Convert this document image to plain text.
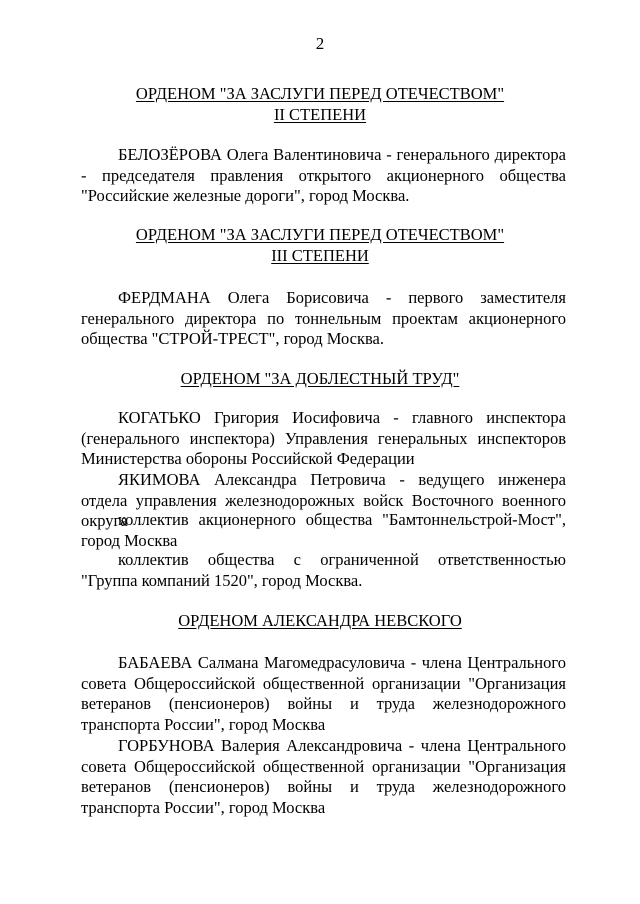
2
ОРДЕНОМ "ЗА ЗАСЛУГИ ПЕРЕД ОТЕЧЕСТВОМ"
II СТЕПЕНИ
БЕЛОЗЁРОВА Олега Валентиновича - генерального директора - председателя правления открытого акционерного общества "Российские железные дороги", город Москва.
ОРДЕНОМ "ЗА ЗАСЛУГИ ПЕРЕД ОТЕЧЕСТВОМ"
III СТЕПЕНИ
ФЕРДМАНА Олега Борисовича - первого заместителя генерального директора по тоннельным проектам акционерного общества "СТРОЙ-ТРЕСТ", город Москва.
ОРДЕНОМ "ЗА ДОБЛЕСТНЫЙ ТРУД"
КОГАТЬКО Григория Иосифовича - главного инспектора (генерального инспектора) Управления генеральных инспекторов Министерства обороны Российской Федерации
ЯКИМОВА Александра Петровича - ведущего инженера отдела управления железнодорожных войск Восточного военного округа
коллектив акционерного общества "Бамтоннельстрой-Мост", город Москва
коллектив общества с ограниченной ответственностью "Группа компаний 1520", город Москва.
ОРДЕНОМ АЛЕКСАНДРА НЕВСКОГО
БАБАЕВА Салмана Магомедрасуловича - члена Центрального совета Общероссийской общественной организации "Организация ветеранов (пенсионеров) войны и труда железнодорожного транспорта России", город Москва
ГОРБУНОВА Валерия Александровича - члена Центрального совета Общероссийской общественной организации "Организация ветеранов (пенсионеров) войны и труда железнодорожного транспорта России", город Москва
